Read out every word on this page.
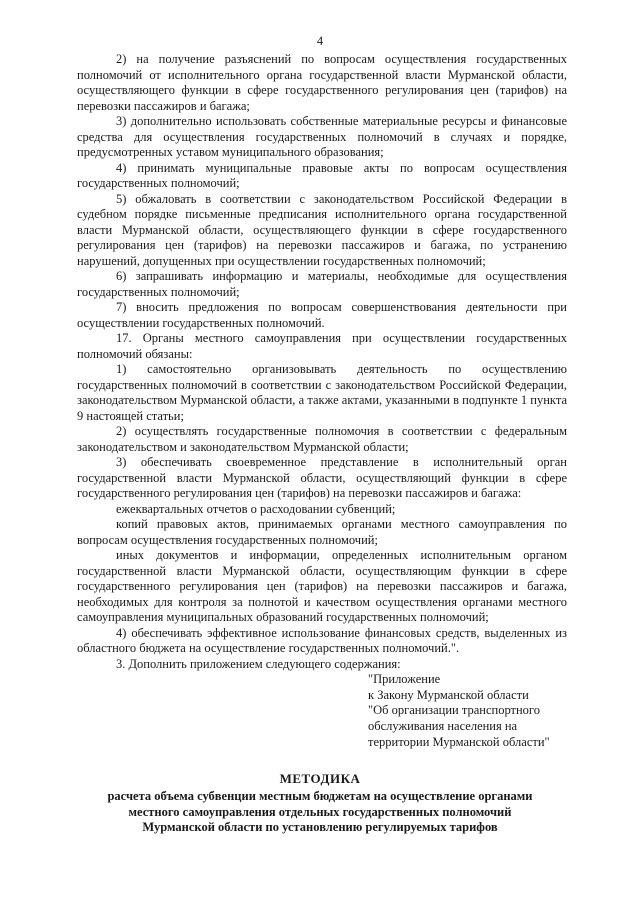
4

2) на получение разъяснений по вопросам осуществления государственных полномочий от исполнительного органа государственной власти Мурманской области, осуществляющего функции в сфере государственного регулирования цен (тарифов) на перевозки пассажиров и багажа;

3) дополнительно использовать собственные материальные ресурсы и финансовые средства для осуществления государственных полномочий в случаях и порядке, предусмотренных уставом муниципального образования;

4) принимать муниципальные правовые акты по вопросам осуществления государственных полномочий;

5) обжаловать в соответствии с законодательством Российской Федерации в судебном порядке письменные предписания исполнительного органа государственной власти Мурманской области, осуществляющего функции в сфере государственного регулирования цен (тарифов) на перевозки пассажиров и багажа, по устранению нарушений, допущенных при осуществлении государственных полномочий;

6) запрашивать информацию и материалы, необходимые для осуществления государственных полномочий;

7) вносить предложения по вопросам совершенствования деятельности при осуществлении государственных полномочий.

17. Органы местного самоуправления при осуществлении государственных полномочий обязаны:

1) самостоятельно организовывать деятельность по осуществлению государственных полномочий в соответствии с законодательством Российской Федерации, законодательством Мурманской области, а также актами, указанными в подпункте 1 пункта 9 настоящей статьи;

2) осуществлять государственные полномочия в соответствии с федеральным законодательством и законодательством Мурманской области;

3) обеспечивать своевременное представление в исполнительный орган государственной власти Мурманской области, осуществляющий функции в сфере государственного регулирования цен (тарифов) на перевозки пассажиров и багажа:

ежеквартальных отчетов о расходовании субвенций;

копий правовых актов, принимаемых органами местного самоуправления по вопросам осуществления государственных полномочий;

иных документов и информации, определенных исполнительным органом государственной власти Мурманской области, осуществляющим функции в сфере государственного регулирования цен (тарифов) на перевозки пассажиров и багажа, необходимых для контроля за полнотой и качеством осуществления органами местного самоуправления муниципальных образований государственных полномочий;

4) обеспечивать эффективное использование финансовых средств, выделенных из областного бюджета на осуществление государственных полномочий.".

3. Дополнить приложением следующего содержания:

"Приложение
к Закону Мурманской области
"Об организации транспортного
обслуживания населения на
территории Мурманской области"
МЕТОДИКА
расчета объема субвенции местным бюджетам на осуществление органами
местного самоуправления отдельных государственных полномочий
Мурманской области по установлению регулируемых тарифов
